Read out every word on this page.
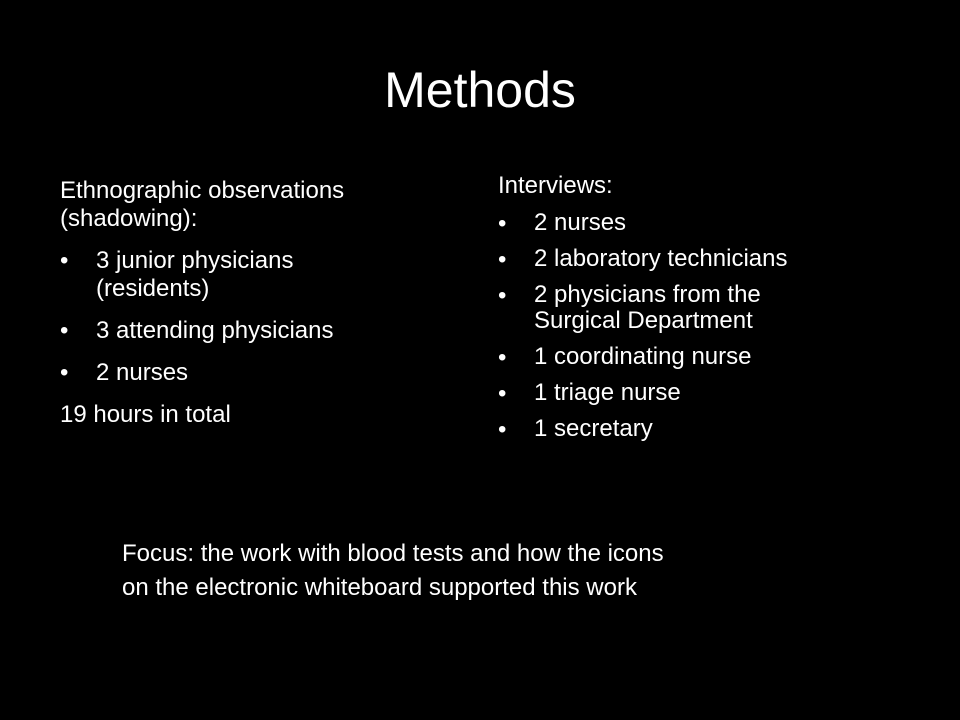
Methods

Ethnographic observations
(shadowing):

• 3 junior physicians
(residents)
• 3 attending physicians
• 2 nurses

19 hours in total

Interviews:

• 2 nurses
• 2 laboratory technicians
• 2 physicians from the
Surgical Department
• 1 coordinating nurse
• 1 triage nurse
• 1 secretary

Focus: the work with blood tests and how the icons
on the electronic whiteboard supported this work
